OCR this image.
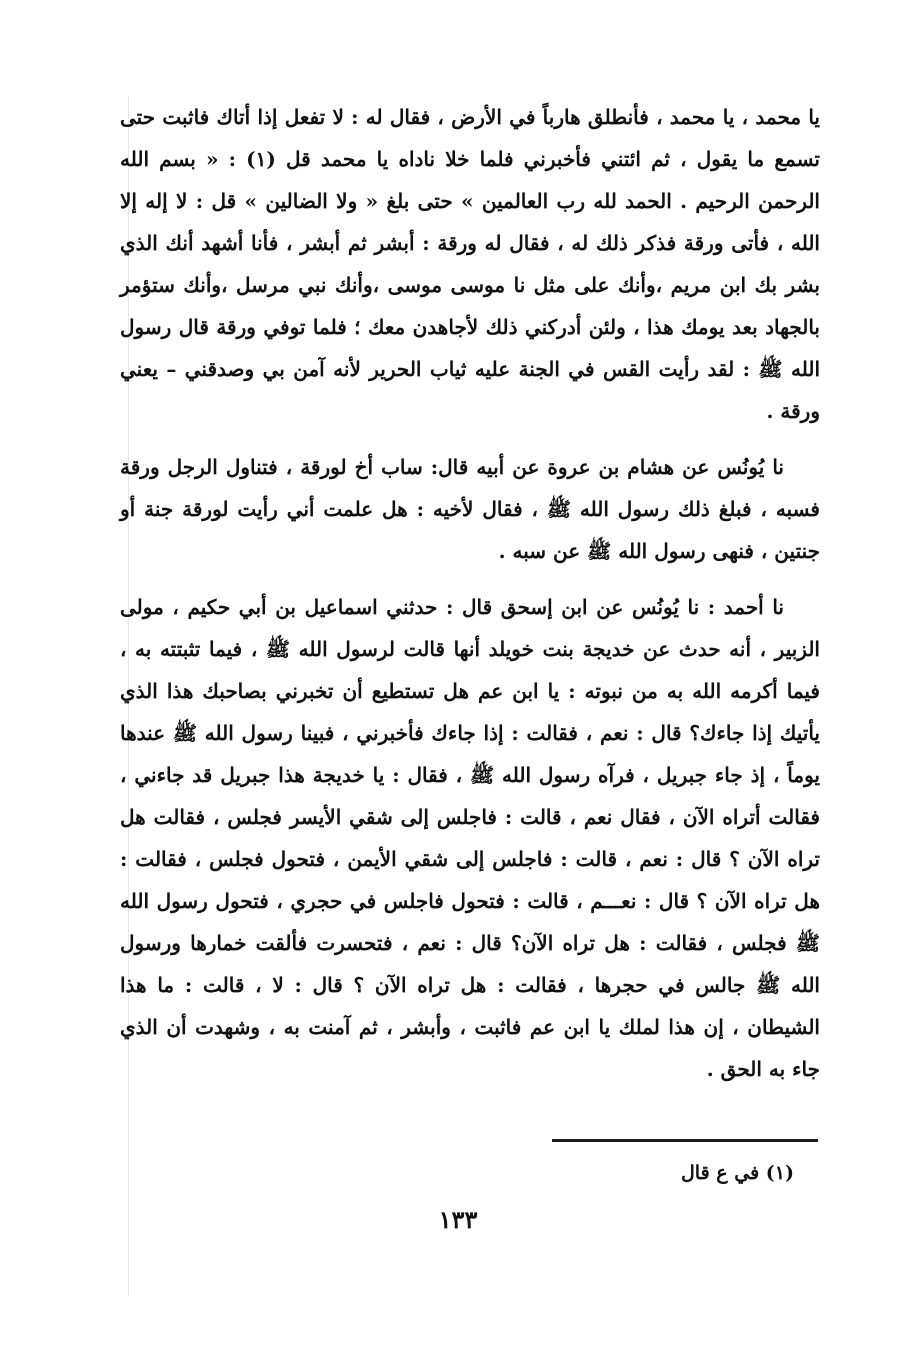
يا محمد ، يا محمد ، فأنطلق هارباً في الأرض ، فقال له : لا تفعل إذا أتاك فاثبت حتى تسمع ما يقول ، ثم ائتني فأخبرني فلما خلا ناداه يا محمد قل (١) : « بسم الله الرحمن الرحيم . الحمد لله رب العالمين » حتى بلغ « ولا الضالين » قل : لا إله إلا الله ، فأتى ورقة فذكر ذلك له ، فقال له ورقة : أبشر ثم أبشر ، فأنا أشهد أنك الذي بشر بك ابن مريم ،وأنك على مثل نا موسى موسى ،وأنك نبي مرسل ،وأنك ستؤمر بالجهاد بعد يومك هذا ، ولئن أدركني ذلك لأجاهدن معك ؛ فلما توفي ورقة قال رسول الله ﷺ : لقد رأيت القس في الجنة عليه ثياب الحرير لأنه آمن بي وصدقني – يعني ورقة .

نا يُونُس عن هشام بن عروة عن أبيه قال: ساب أخ لورقة ، فتناول الرجل ورقة فسبه ، فبلغ ذلك رسول الله ﷺ ، فقال لأخيه : هل علمت أني رأيت لورقة جنة أو جنتين ، فنهى رسول الله ﷺ عن سبه .

نا أحمد : نا يُونُس عن ابن إسحق قال : حدثني اسماعيل بن أبي حكيم ، مولى الزبير ، أنه حدث عن خديجة بنت خويلد أنها قالت لرسول الله ﷺ ، فيما تثبتته به ، فيما أكرمه الله به من نبوته : يا ابن عم هل تستطيع أن تخبرني بصاحبك هذا الذي يأتيك إذا جاءك؟ قال : نعم ، فقالت : إذا جاءك فأخبرني ، فبينا رسول الله ﷺ عندها يوماً ، إذ جاء جبريل ، فرآه رسول الله ﷺ ، فقال : يا خديجة هذا جبريل قد جاءني ، فقالت أتراه الآن ، فقال نعم ، قالت : فاجلس إلى شقي الأيسر فجلس ، فقالت هل تراه الآن ؟ قال : نعم ، قالت : فاجلس إلى شقي الأيمن ، فتحول فجلس ، فقالت : هل تراه الآن ؟ قال : نعـــم ، قالت : فتحول فاجلس في حجري ، فتحول رسول الله ﷺ فجلس ، فقالت : هل تراه الآن؟ قال : نعم ، فتحسرت فألقت خمارها ورسول الله ﷺ جالس في حجرها ، فقالت : هل تراه الآن ؟ قال : لا ، قالت : ما هذا الشيطان ، إن هذا لملك يا ابن عم فاثبت ، وأبشر ، ثم آمنت به ، وشهدت أن الذي جاء به الحق .

(١) في ع قال
١٣٣
